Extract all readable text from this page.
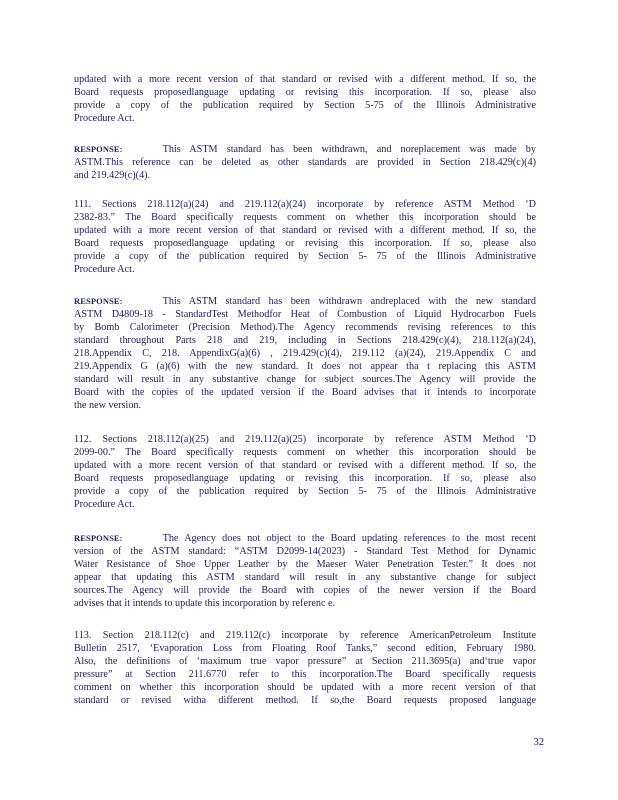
updated with a more recent version of that standard or revised with a different method. If so, the
Board requests proposedlanguage updating or revising this incorporation. If so, please also
provide a copy of the publication required by Section 5-75 of the Illinois Administrative
Procedure Act.
RESPONSE:	This ASTM standard has been withdrawn, and noreplacement was made by
ASTM.This reference can be deleted as other standards are provided in Section 218.429(c)(4)
and 219.429(c)(4).
111. Sections 218.112(a)(24) and 219.112(a)(24) incorporate by reference ASTM Method ‘D
2382-83.” The Board specifically requests comment on whether this incorporation should be
updated with a more recent version of that standard or revised with a different method. If so, the
Board requests proposedlanguage updating or revising this incorporation. If so, please also
provide a copy of the publication required by Section 5- 75 of the Illinois Administrative
Procedure Act.
RESPONSE:	This ASTM standard has been withdrawn andreplaced with the new standard
ASTM D4809-18 - StandardTest Methodfor Heat of Combustion of Liquid Hydrocarbon Fuels
by Bomb Calorimeter (Precision Method).The Agency recommends revising references to this
standard throughout Parts 218 and 219, including in Sections 218.429(c)(4), 218.112(a)(24),
218.Appendix C, 218. AppendixG(a)(6) , 219.429(c)(4), 219.112 (a)(24), 219.Appendix C and
219.Appendix G (a)(6) with the new standard. It does not appear tha t replacing this ASTM
standard will result in any substantive change for subject sources.The Agency will provide the
Board with the copies of the updated version if the Board advises that it intends to incorporate
the new version.
112. Sections 218.112(a)(25) and 219.112(a)(25) incorporate by reference ASTM Method ‘D
2099-00.” The Board specifically requests comment on whether this incorporation should be
updated with a more recent version of that standard or revised with a different method. If so, the
Board requests proposedlanguage updating or revising this incorporation. If so, please also
provide a copy of the publication required by Section 5- 75 of the Illinois Administrative
Procedure Act.
RESPONSE:	The Agency does not object to the Board updating references to the most recent
version of the ASTM standard: “ASTM D2099-14(2023) - Standard Test Method for Dynamic
Water Resistance of Shoe Upper Leather by the Maeser Water Penetration Tester.” It does not
appear that updating this ASTM standard will result in any substantive change for subject
sources.The Agency will provide the Board with copies of the newer version if the Board
advises that it intends to update this incorporation by referenc e.
113. Section 218.112(c) and 219.112(c) incorporate by reference AmericanPetroleum Institute
Bulletin 2517, ‘Evaporation Loss from Floating Roof Tanks,” second edition, February 1980.
Also, the definitions of ‘maximum true vapor pressure” at Section 211.3695(a) and‘true vapor
pressure” at Section 211.6770 refer to this incorporation.The Board specifically requests
comment on whether this incorporation should be updated with a more recent version of that
standard or revised witha different method. If so,the Board requests proposed language
32
